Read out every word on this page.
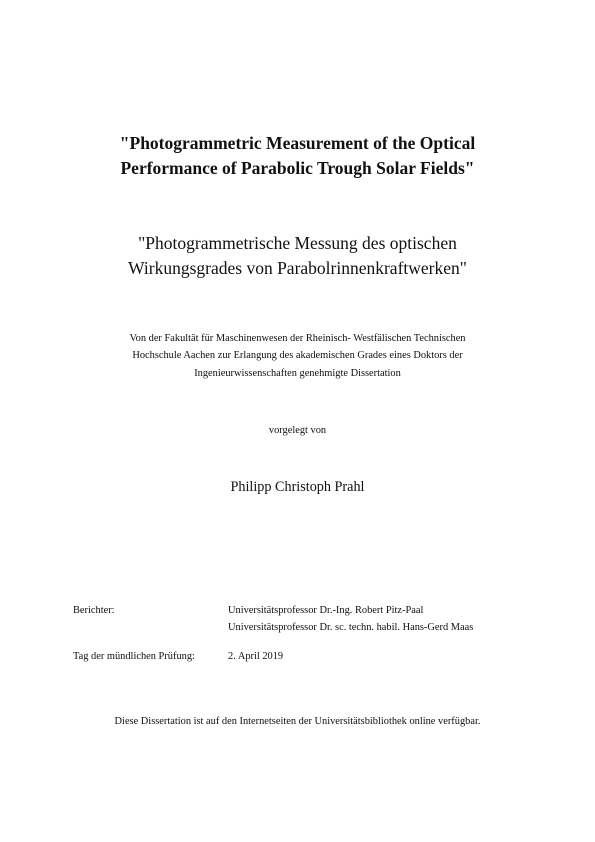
"Photogrammetric Measurement of the Optical
Performance of Parabolic Trough Solar Fields"
"Photogrammetrische Messung des optischen
Wirkungsgrades von Parabolrinnenkraftwerken"
Von der Fakultät für Maschinenwesen der Rheinisch- Westfälischen Technischen
Hochschule Aachen zur Erlangung des akademischen Grades eines Doktors der
Ingenieurwissenschaften genehmigte Dissertation
vorgelegt von
Philipp Christoph Prahl
Berichter:	Universitätsprofessor Dr.-Ing. Robert Pitz-Paal
Universitätsprofessor Dr. sc. techn. habil. Hans-Gerd Maas
Tag der mündlichen Prüfung:	2. April 2019
Diese Dissertation ist auf den Internetseiten der Universitätsbibliothek online verfügbar.
